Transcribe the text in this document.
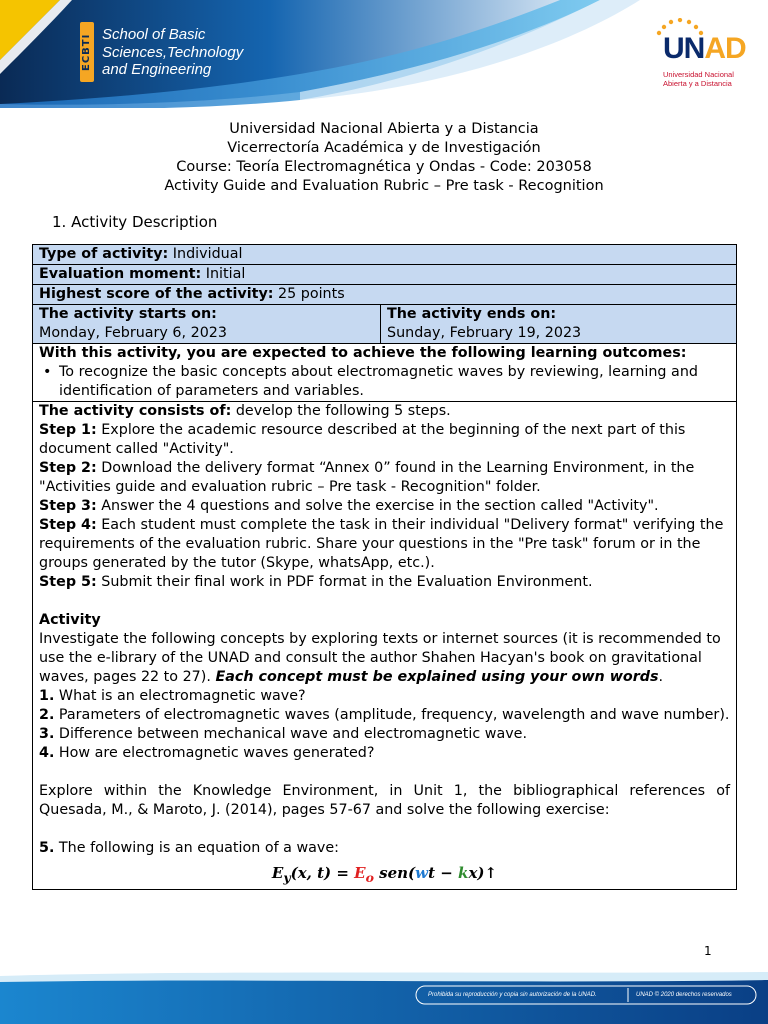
ECBTI School of Basic
Sciences,Technology
and Engineering
UNAD
Universidad Nacional
Abierta y a Distancia
Universidad Nacional Abierta y a Distancia
Vicerrectoría Académica y de Investigación
Course: Teoría Electromagnética y Ondas - Code: 203058
Activity Guide and Evaluation Rubric – Pre task - Recognition
1. Activity Description
Type of activity: Individual
Evaluation moment: Initial
Highest score of the activity: 25 points

The activity starts on:
Monday, February 6, 2023

The activity ends on:
Sunday, February 19, 2023

With this activity, you are expected to achieve the following learning outcomes:
• To recognize the basic concepts about electromagnetic waves by reviewing, learning and identification of parameters and variables.

The activity consists of: develop the following 5 steps.
Step 1: Explore the academic resource described at the beginning of the next part of this document called "Activity".
Step 2: Download the delivery format “Annex 0” found in the Learning Environment, in the "Activities guide and evaluation rubric – Pre task - Recognition" folder.
Step 3: Answer the 4 questions and solve the exercise in the section called "Activity".
Step 4: Each student must complete the task in their individual "Delivery format" verifying the requirements of the evaluation rubric. Share your questions in the "Pre task" forum or in the groups generated by the tutor (Skype, whatsApp, etc.).
Step 5: Submit their final work in PDF format in the Evaluation Environment.
Activity
Investigate the following concepts by exploring texts or internet sources (it is recommended to use the e-library of the UNAD and consult the author Shahen Hacyan's book on gravitational waves, pages 22 to 27). Each concept must be explained using your own words.
1. What is an electromagnetic wave?
2. Parameters of electromagnetic waves (amplitude, frequency, wavelength and wave number).
3. Difference between mechanical wave and electromagnetic wave.
4. How are electromagnetic waves generated?
Explore within the Knowledge Environment, in Unit 1, the bibliographical references of Quesada, M., & Maroto, J. (2014), pages 57-67 and solve the following exercise:
5. The following is an equation of a wave:
$E_y(x$, $t) = E_o$ sen(wt − kx)↑
1
Prohibida su reproducción y copia sin autorización de la UNAD.	UNAD © 2020 derechos reservados
